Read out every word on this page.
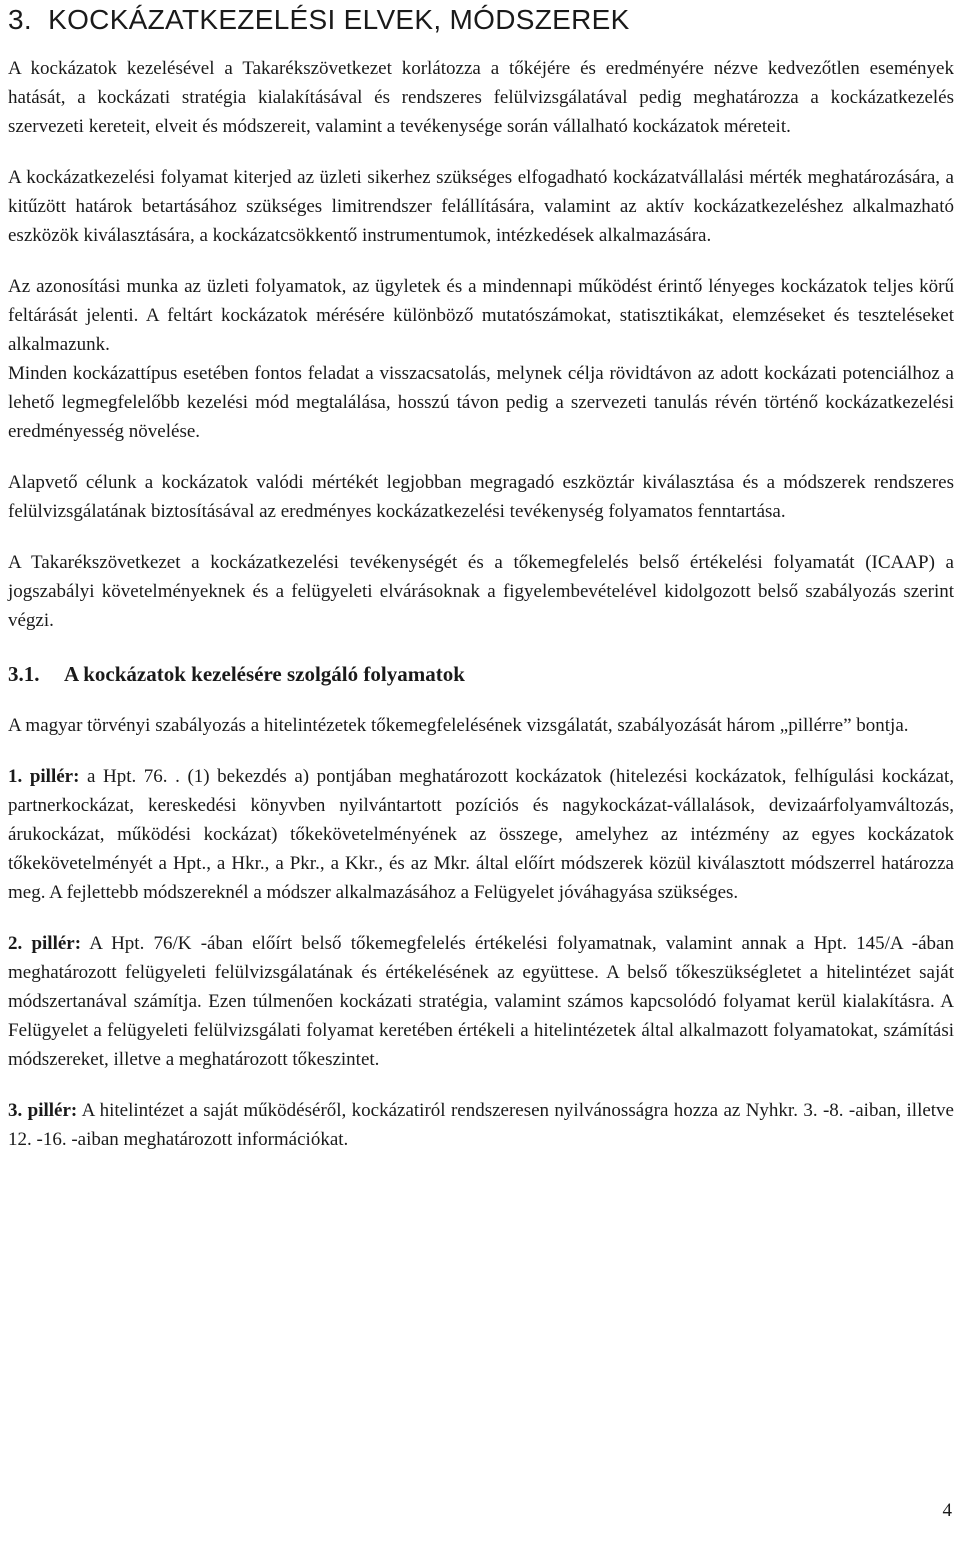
3. KOCKÁZATKEZELÉSI ELVEK, MÓDSZEREK

A kockázatok kezelésével a Takarékszövetkezet korlátozza a tőkéjére és eredményére nézve kedvezőtlen események hatását, a kockázati stratégia kialakításával és rendszeres felülvizsgálatával pedig meghatározza a kockázatkezelés szervezeti kereteit, elveit és módszereit, valamint a tevékenysége során vállalható kockázatok méreteit.

A kockázatkezelési folyamat kiterjed az üzleti sikerhez szükséges elfogadható kockázatvállalási mérték meghatározására, a kitűzött határok betartásához szükséges limitrendszer felállítására, valamint az aktív kockázatkezeléshez alkalmazható eszközök kiválasztására, a kockázatcsökkentő instrumentumok, intézkedések alkalmazására.

Az azonosítási munka az üzleti folyamatok, az ügyletek és a mindennapi működést érintő lényeges kockázatok teljes körű feltárását jelenti. A feltárt kockázatok mérésére különböző mutatószámokat, statisztikákat, elemzéseket és teszteléseket alkalmazunk.

Minden kockázattípus esetében fontos feladat a visszacsatolás, melynek célja rövidtávon az adott kockázati potenciálhoz a lehető legmegfelelőbb kezelési mód megtalálása, hosszú távon pedig a szervezeti tanulás révén történő kockázatkezelési eredményesség növelése.

Alapvető célunk a kockázatok valódi mértékét legjobban megragadó eszköztár kiválasztása és a módszerek rendszeres felülvizsgálatának biztosításával az eredményes kockázatkezelési tevékenység folyamatos fenntartása.

A Takarékszövetkezet a kockázatkezelési tevékenységét és a tőkemegfelelés belső értékelési folyamatát (ICAAP) a jogszabályi követelményeknek és a felügyeleti elvárásoknak a figyelembevételével kidolgozott belső szabályozás szerint végzi.

3.1. A kockázatok kezelésére szolgáló folyamatok

A magyar törvényi szabályozás a hitelintézetek tőkemegfelelésének vizsgálatát, szabályozását három „pillérre” bontja.

1. pillér: a Hpt. 76. . (1) bekezdés a) pontjában meghatározott kockázatok (hitelezési kockázatok, felhígulási kockázat, partnerkockázat, kereskedési könyvben nyilvántartott pozíciós és nagykockázat-vállalások, devizaárfolyamváltozás, árukockázat, működési kockázat) tőkekövetelményének az összege, amelyhez az intézmény az egyes kockázatok tőkekövetelményét a Hpt., a Hkr., a Pkr., a Kkr., és az Mkr. által előírt módszerek közül kiválasztott módszerrel határozza meg. A fejlettebb módszereknél a módszer alkalmazásához a Felügyelet jóváhagyása szükséges.

2. pillér: A Hpt. 76/K -ában előírt belső tőkemegfelelés értékelési folyamatnak, valamint annak a Hpt. 145/A -ában meghatározott felügyeleti felülvizsgálatának és értékelésének az együttese. A belső tőkeszükségletet a hitelintézet saját módszertanával számítja. Ezen túlmenően kockázati stratégia, valamint számos kapcsolódó folyamat kerül kialakításra. A Felügyelet a felügyeleti felülvizsgálati folyamat keretében értékeli a hitelintézetek által alkalmazott folyamatokat, számítási módszereket, illetve a meghatározott tőkeszintet.

3. pillér: A hitelintézet a saját működéséről, kockázatiról rendszeresen nyilvánosságra hozza az Nyhkr. 3. -8. -aiban, illetve 12. -16. -aiban meghatározott információkat.

4
